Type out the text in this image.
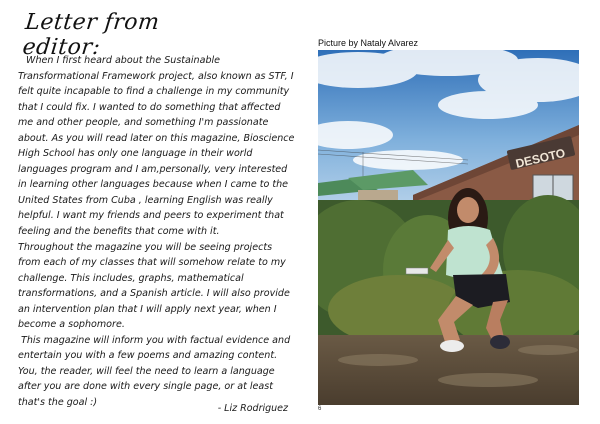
Letter from editor:

When I first heard about the Sustainable Transformational Framework project, also known as STF, I felt quite incapable to find a challenge in my community that I could fix. I wanted to do something that affected me and other people, and something I'm passionate about. As you will read later on this magazine, Bioscience High School has only one language in their world languages program and I am,personally, very interested in learning other languages because when I came to the United States from Cuba , learning English was really helpful. I want my friends and peers to experiment that feeling and the benefits that come with it.

Throughout the magazine you will be seeing projects from each of my classes that will somehow relate to my challenge. This includes, graphs, mathematical transformations, and a Spanish article. I will also provide an intervention plan that I will apply next year, when I become a sophomore.

This magazine will inform you with factual evidence and entertain you with a few poems and amazing content. You, the reader, will feel the need to learn a language after you are done with every single page, or at least that's the goal :)

- Liz Rodriguez
Picture by Nataly Alvarez
DESOTO
6
